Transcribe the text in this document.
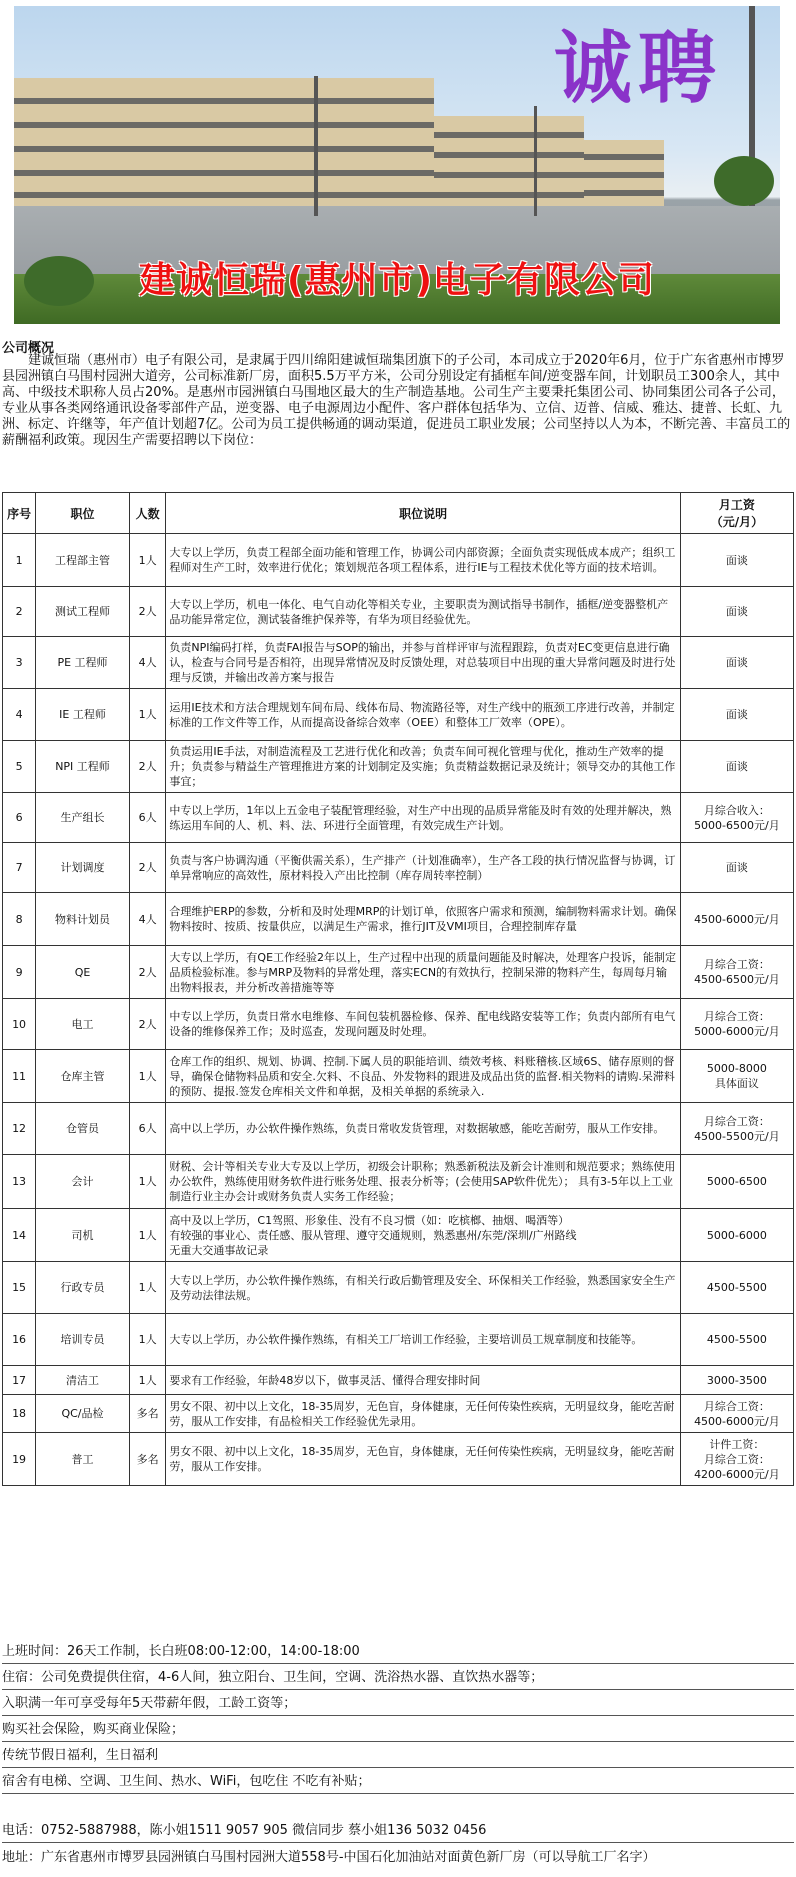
诚聘
建诚恒瑞(惠州市)电子有限公司
公司概况
建诚恒瑞（惠州市）电子有限公司，是隶属于四川绵阳建诚恒瑞集团旗下的子公司，本司成立于2020年6月，位于广东省惠州市博罗县园洲镇白马围村园洲大道旁，公司标准新厂房，面积5.5万平方米，公司分别设定有插框车间/逆变器车间，计划职员工300余人，其中高、中级技术职称人员占20%。是惠州市园洲镇白马围地区最大的生产制造基地。公司生产主要秉托集团公司、协同集团公司各子公司，专业从事各类网络通讯设备零部件产品，逆变器、电子电源周边小配件、客户群体包括华为、立信、迈普、信威、雅达、捷普、长虹、九洲、标定、许继等，年产值计划超7亿。公司为员工提供畅通的调动渠道，促进员工职业发展；公司坚持以人为本，不断完善、丰富员工的薪酬福利政策。现因生产需要招聘以下岗位：
序号	职位	人数	职位说明	月工资
（元/月）
1	工程部主管	1人	大专以上学历，负责工程部全面功能和管理工作，协调公司内部资源；全面负责实现低成本成产；组织工程师对生产工时，效率进行优化；策划规范各项工程体系，进行IE与工程技术优化等方面的技术培训。	面谈
2	测试工程师	2人	大专以上学历，机电一体化、电气自动化等相关专业，主要职责为测试指导书制作，插框/逆变器整机产品功能异常定位，测试装备维护保养等，有华为项目经验优先。	面谈
3	PE 工程师	4人	负责NPI编码打样，负责FAI报告与SOP的输出，并参与首样评审与流程跟踪，负责对EC变更信息进行确认，检查与合同号是否相符，出现异常情况及时反馈处理，对总装项目中出现的重大异常问题及时进行处理与反馈，并输出改善方案与报告	面谈
4	IE 工程师	1人	运用IE技术和方法合理规划车间布局、线体布局、物流路径等，对生产线中的瓶颈工序进行改善，并制定标准的工作文件等工作，从而提高设备综合效率（OEE）和整体工厂效率（OPE）。	面谈
5	NPI 工程师	2人	负责运用IE手法，对制造流程及工艺进行优化和改善；负责车间可视化管理与优化，推动生产效率的提升；负责参与精益生产管理推进方案的计划制定及实施；负责精益数据记录及统计；领导交办的其他工作事宜；	面谈
6	生产组长	6人	中专以上学历，1年以上五金电子装配管理经验，对生产中出现的品质异常能及时有效的处理并解决，熟练运用车间的人、机、料、法、环进行全面管理，有效完成生产计划。	月综合收入：
5000-6500元/月
7	计划调度	2人	负责与客户协调沟通（平衡供需关系），生产排产（计划准确率），生产各工段的执行情况监督与协调，订单异常响应的高效性，原材料投入产出比控制（库存周转率控制）	面谈
8	物料计划员	4人	合理维护ERP的参数，分析和及时处理MRP的计划订单，依照客户需求和预测，编制物料需求计划。确保物料按时、按质、按量供应，以满足生产需求，推行JIT及VMI项目，合理控制库存量	4500-6000元/月
9	QE	2人	大专以上学历，有QE工作经验2年以上，生产过程中出现的质量问题能及时解决，处理客户投诉，能制定品质检验标准。参与MRP及物料的异常处理，落实ECN的有效执行，控制呆滞的物料产生，每周每月输出物料报表，并分析改善措施等等	月综合工资：
4500-6500元/月
10	电工	2人	中专以上学历，负责日常水电维修、车间包装机器检修、保养、配电线路安装等工作；负责内部所有电气设备的维修保养工作；及时巡查，发现问题及时处理。	月综合工资：
5000-6000元/月
11	仓库主管	1人	仓库工作的组织、规划、协调、控制.下属人员的职能培训、绩效考核、料账稽核.区域6S、储存原则的督导，确保仓储物料品质和安全.欠料、不良品、外发物料的跟进及成品出货的监督.相关物料的请购.呆滞料的预防、提报.签发仓库相关文件和单据，及相关单据的系统录入.	5000-8000
具体面议
12	仓管员	6人	高中以上学历，办公软件操作熟练，负责日常收发货管理，对数据敏感，能吃苦耐劳，服从工作安排。	月综合工资：
4500-5500元/月
13	会计	1人	财税、会计等相关专业大专及以上学历，初级会计职称；熟悉新税法及新会计准则和规范要求；熟练使用办公软件，熟练使用财务软件进行账务处理、报表分析等；(会使用SAP软件优先）； 具有3-5年以上工业制造行业主办会计或财务负责人实务工作经验；	5000-6500
14	司机	1人	高中及以上学历，C1驾照、形象佳、没有不良习惯（如：吃槟榔、抽烟、喝酒等）
有较强的事业心、责任感、服从管理、遵守交通规则，熟悉惠州/东莞/深圳/广州路线
无重大交通事故记录	5000-6000
15	行政专员	1人	大专以上学历，办公软件操作熟练，有相关行政后勤管理及安全、环保相关工作经验，熟悉国家安全生产及劳动法律法规。	4500-5500
16	培训专员	1人	大专以上学历，办公软件操作熟练，有相关工厂培训工作经验，主要培训员工规章制度和技能等。	4500-5500
17	清洁工	1人	要求有工作经验，年龄48岁以下，做事灵活、懂得合理安排时间	3000-3500
18	QC/品检	多名	男女不限、初中以上文化，18-35周岁，无色盲，身体健康，无任何传染性疾病，无明显纹身，能吃苦耐劳，服从工作安排，有品检相关工作经验优先录用。	月综合工资：
4500-6000元/月
19	普工	多名	男女不限、初中以上文化，18-35周岁，无色盲，身体健康，无任何传染性疾病，无明显纹身，能吃苦耐劳，服从工作安排。	计件工资：
月综合工资：
4200-6000元/月
上班时间：26天工作制，长白班08:00-12:00，14:00-18:00
住宿：公司免费提供住宿，4-6人间，独立阳台、卫生间，空调、洗浴热水器、直饮热水器等；
入职满一年可享受每年5天带薪年假，工龄工资等；
购买社会保险，购买商业保险；
传统节假日福利，生日福利
宿舍有电梯、空调、卫生间、热水、WiFi，包吃住 不吃有补贴；
电话：0752-5887988，陈小姐1511 9057 905 微信同步 蔡小姐136 5032 0456
地址：广东省惠州市博罗县园洲镇白马围村园洲大道558号-中国石化加油站对面黄色新厂房（可以导航工厂名字）
